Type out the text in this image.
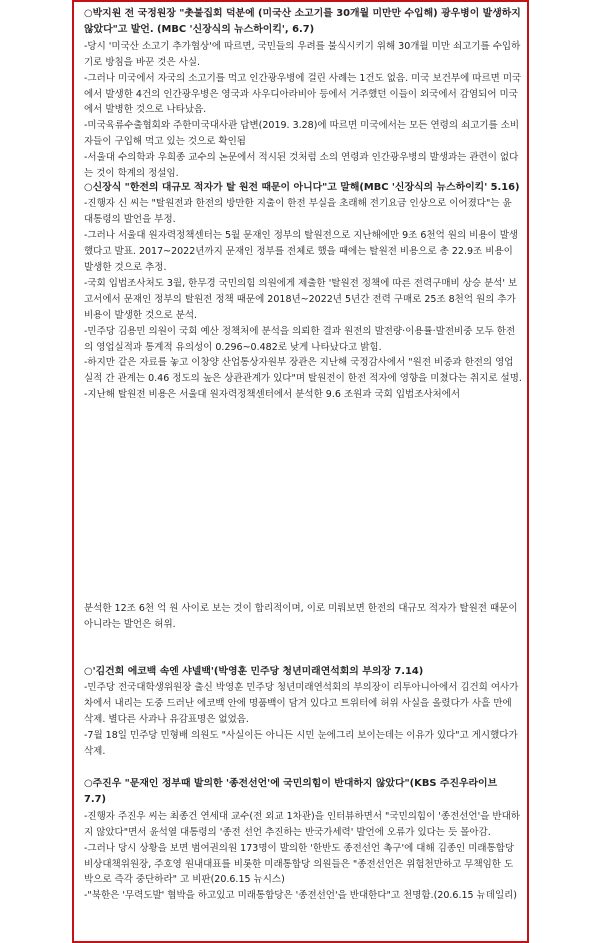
○박지원 전 국정원장 "촛불집회 덕분에 (미국산 소고기를 30개월 미만만 수입해) 광우병이 발생하지 않았다"고 발언. (MBC '신장식의 뉴스하이킥', 6.7)

-당시 '미국산 소고기 추가협상'에 따르면, 국민들의 우려를 불식시키기 위해 30개월 미만 쇠고기를 수입하기로 방침을 바꾼 것은 사실.

-그러나 미국에서 자국의 소고기를 먹고 인간광우병에 걸린 사례는 1건도 없음. 미국 보건부에 따르면 미국에서 발생한 4건의 인간광우병은 영국과 사우디아라비아 등에서 거주했던 이들이 외국에서 감염되어 미국에서 발병한 것으로 나타났음.

-미국육류수출협회와 주한미국대사관 답변(2019. 3.28)에 따르면 미국에서는 모든 연령의 쇠고기를 소비자들이 구입해 먹고 있는 것으로 확인됨

-서울대 수의학과 우희종 교수의 논문에서 적시된 것처럼 소의 연령과 인간광우병의 발생과는 관련이 없다는 것이 학계의 정설임.

○신장식 "한전의 대규모 적자가 탈 원전 때문이 아니다"고 말해(MBC '신장식의 뉴스하이킥' 5.16)

-진행자 신 씨는 "탈원전과 한전의 방만한 지출이 한전 부실을 초래해 전기요금 인상으로 이어졌다"는 윤 대통령의 발언을 부정.

-그러나 서울대 원자력정책센터는 5월 문재인 정부의 탈원전으로 지난해에만 9조 6천억 원의 비용이 발생했다고 발표. 2017~2022년까지 문재인 정부를 전체로 했을 때에는 탈원전 비용으로 총 22.9조 비용이 발생한 것으로 추정.

-국회 입법조사처도 3월, 한무경 국민의힘 의원에게 제출한 '탈원전 정책에 따른 전력구매비 상승 분석' 보고서에서 문재인 정부의 탈원전 정책 때문에 2018년~2022년 5년간 전력 구매로 25조 8천억 원의 추가 비용이 발생한 것으로 분석.

-민주당 김용민 의원이 국회 예산 정책처에 분석을 의뢰한 결과 원전의 발전량·이용률·발전비중 모두 한전의 영업실적과 통계적 유의성이 0.296~0.482로 낮게 나타났다고 밝힘.

-하지만 같은 자료를 놓고 이창양 산업통상자원부 장관은 지난해 국정감사에서 "원전 비중과 한전의 영업실적 간 관계는 0.46 정도의 높은 상관관계가 있다"며 탈원전이 한전 적자에 영향을 미쳤다는 취지로 설명.

-지난해 탈원전 비용은 서울대 원자력정책센터에서 분석한 9.6 조원과 국회 입법조사처에서

분석한 12조 6천 억 원 사이로 보는 것이 합리적이며, 이로 미뤄보면 한전의 대규모 적자가 탈원전 때문이 아니라는 발언은 허위.

○'김건희 에코백 속엔 샤넬백'(박영훈 민주당 청년미래연석회의 부의장 7.14)

-민주당 전국대학생위원장 출신 박영훈 민주당 청년미래연석회의 부의장이 리투아니아에서 김건희 여사가 차에서 내리는 도중 드러난 에코백 안에 명품백이 담겨 있다고 트위터에 허위 사실을 올렸다가 사흘 만에 삭제. 별다른 사과나 유감표명은 없었음.

-7월 18일 민주당 민형배 의원도 "사실이든 아니든 시민 눈에그리 보이는데는 이유가 있다"고 게시했다가 삭제.

○주진우 "문재인 정부때 발의한 '종전선언'에 국민의힘이 반대하지 않았다"(KBS 주진우라이브 7.7)

-진행자 주진우 씨는 최종건 연세대 교수(전 외교 1차관)을 인터뷰하면서 "국민의힘이 '종전선언'을 반대하지 않았다"면서 윤석열 대통령의 '종전 선언 추진하는 반국가세력' 발언에 오류가 있다는 듯 몰아감.

-그러나 당시 상황을 보면 범여권의원 173명이 발의한 '한반도 종전선언 촉구'에 대해 김종인 미래통합당 비상대책위원장, 주호영 원내대표를 비롯한 미래통합당 의원들은 "종전선언은 위험천만하고 무책임한 도박으로 즉각 중단하라" 고 비판(20.6.15 뉴시스)

-"북한은 '무력도발' 협박을 하고있고 미래통합당은 '종전선언'을 반대한다"고 천명함.(20.6.15 뉴데일리)
